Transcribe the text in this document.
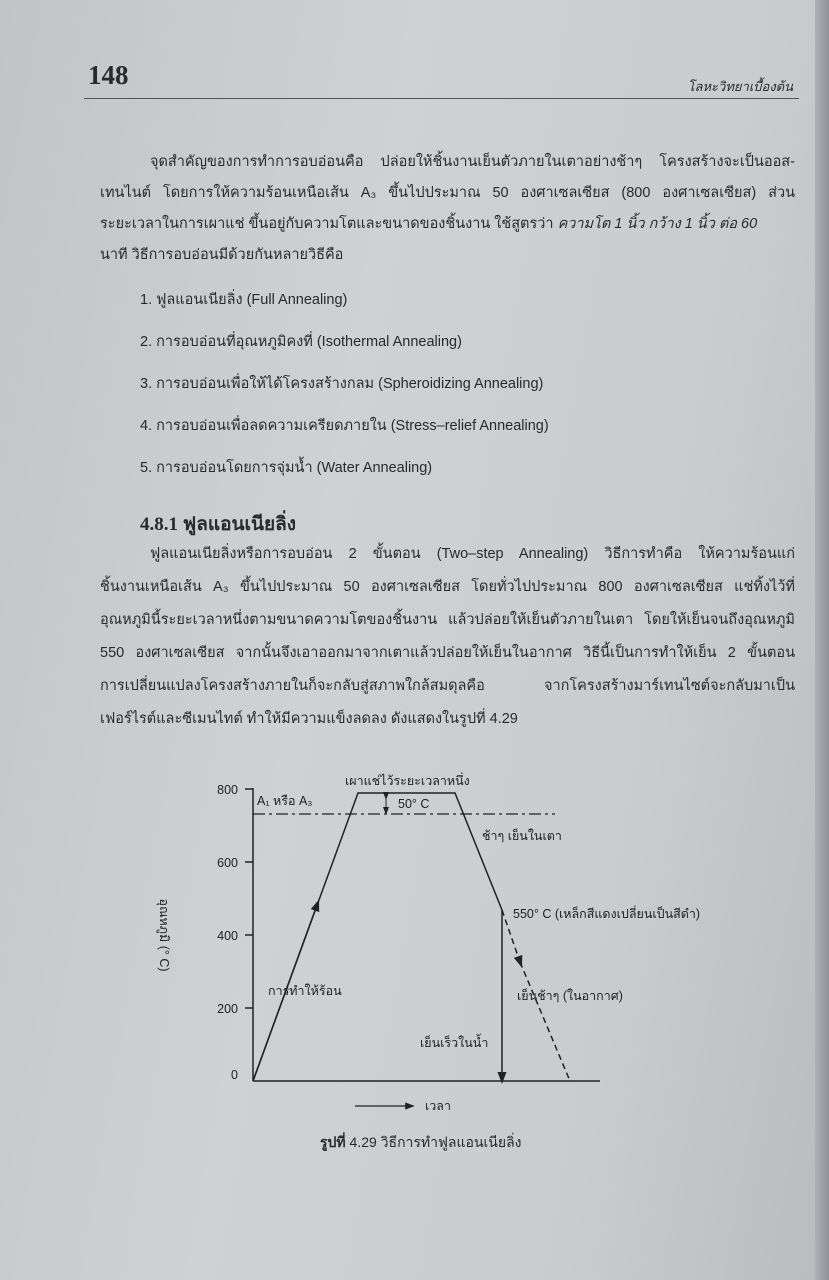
148	โลหะวิทยาเบื้องต้น
จุดสำคัญของการทำการอบอ่อนคือ ปล่อยให้ชิ้นงานเย็นตัวภายในเตาอย่างช้าๆ โครงสร้างจะเป็นออส-
เทนไนต์ โดยการให้ความร้อนเหนือเส้น A₃ ขึ้นไปประมาณ 50 องศาเซลเซียส (800 องศาเซลเซียส) ส่วน
ระยะเวลาในการเผาแช่ ขึ้นอยู่กับความโตและขนาดของชิ้นงาน ใช้สูตรว่า ความโต 1 นิ้ว กว้าง 1 นิ้ว ต่อ 60
นาที วิธีการอบอ่อนมีด้วยกันหลายวิธีคือ
1. ฟูลแอนเนียลิ่ง (Full Annealing)
2. การอบอ่อนที่อุณหภูมิคงที่ (Isothermal Annealing)
3. การอบอ่อนเพื่อให้ได้โครงสร้างกลม (Spheroidizing Annealing)
4. การอบอ่อนเพื่อลดความเครียดภายใน (Stress–relief Annealing)
5. การอบอ่อนโดยการจุ่มน้ำ (Water Annealing)
4.8.1 ฟูลแอนเนียลิ่ง
ฟูลแอนเนียลิ่งหรือการอบอ่อน 2 ขั้นตอน (Two–step Annealing) วิธีการทำคือ ให้ความร้อนแก่
ชิ้นงานเหนือเส้น A₃ ขึ้นไปประมาณ 50 องศาเซลเซียส โดยทั่วไปประมาณ 800 องศาเซลเซียส แช่ทิ้งไว้ที่
อุณหภูมินี้ระยะเวลาหนึ่งตามขนาดความโตของชิ้นงาน แล้วปล่อยให้เย็นตัวภายในเตา โดยให้เย็นจนถึงอุณหภูมิ
550 องศาเซลเซียส จากนั้นจึงเอาออกมาจากเตาแล้วปล่อยให้เย็นในอากาศ วิธีนี้เป็นการทำให้เย็น 2 ขั้นตอน
การเปลี่ยนแปลงโครงสร้างภายในก็จะกลับสู่สภาพใกล้สมดุลคือ จากโครงสร้างมาร์เทนไซต์จะกลับมาเป็น
เฟอร์ไรต์และซีเมนไทต์ ทำให้มีความแข็งลดลง ดังแสดงในรูปที่ 4.29
800
600
400
200
0
อุณหภูมิ (° C)
เวลา
เผาแช่ไว้ระยะเวลาหนึ่ง
A₁ หรือ A₃	50° C
ช้าๆ เย็นในเตา
550° C (เหล็กสีแดงเปลี่ยนเป็นสีดำ)
การทำให้ร้อน	เย็นช้าๆ (ในอากาศ)
เย็นเร็วในน้ำ
รูปที่ 4.29 วิธีการทำฟูลแอนเนียลิ่ง
